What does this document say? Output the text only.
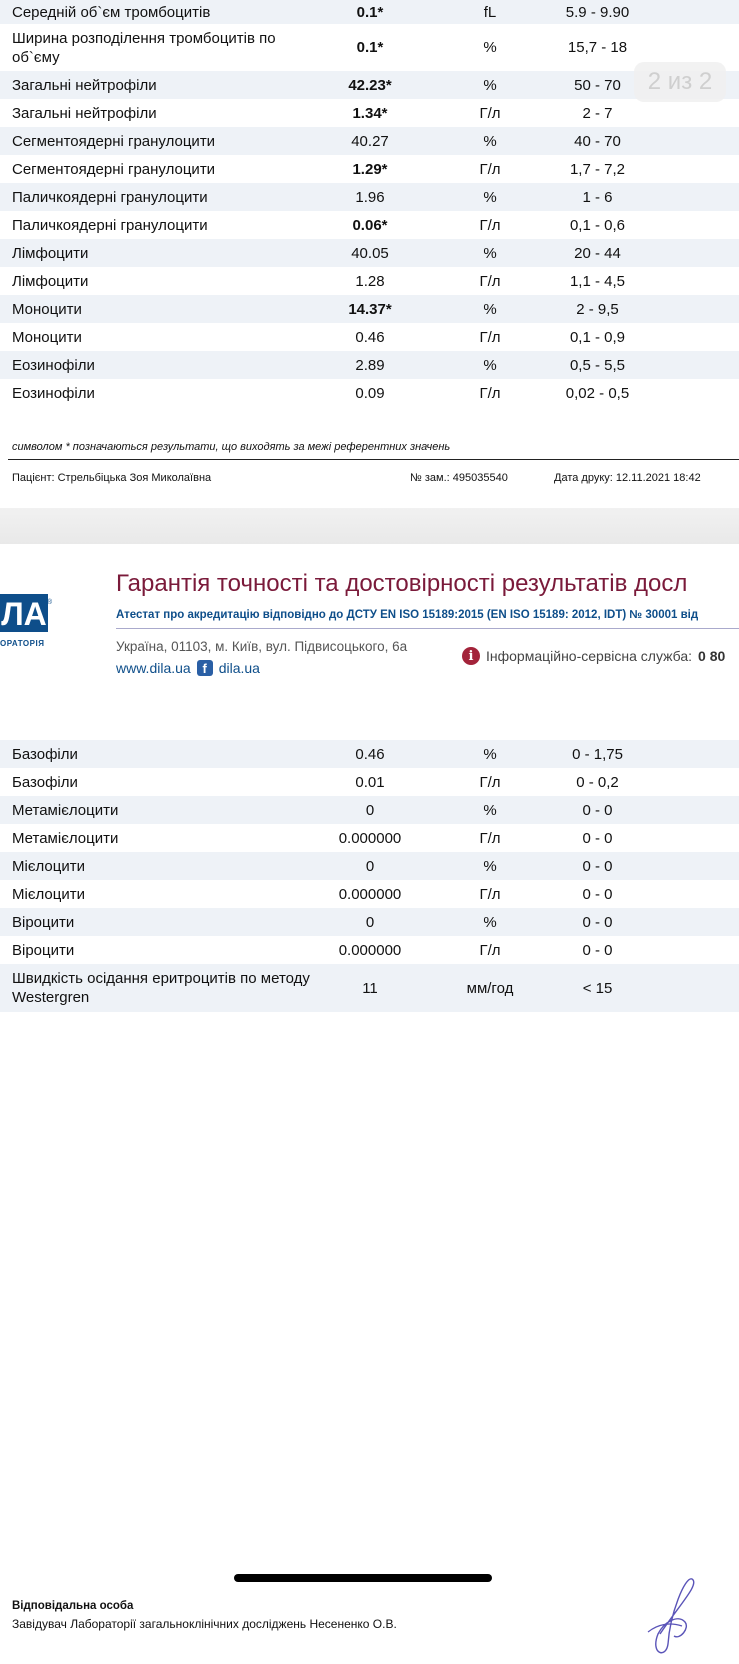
Середній об`єм тромбоцитів	0.1*	fL	5.9 - 9.90
Ширина розподілення тромбоцитів по об`єму
0.1*	%	15,7 - 18
Загальні нейтрофіли	42.23*	%	50 - 70
Загальні нейтрофіли	1.34*	Г/л	2 - 7
Сегментоядерні гранулоцити	40.27	%	40 - 70
Сегментоядерні гранулоцити	1.29*	Г/л	1,7 - 7,2
Паличкоядерні гранулоцити	1.96	%	1 - 6
Паличкоядерні гранулоцити	0.06*	Г/л	0,1 - 0,6
Лімфоцити	40.05	%	20 - 44
Лімфоцити	1.28	Г/л	1,1 - 4,5
Моноцити	14.37*	%	2 - 9,5
Моноцити	0.46	Г/л	0,1 - 0,9
Еозинофіли	2.89	%	0,5 - 5,5
Еозинофіли	0.09	Г/л	0,02 - 0,5
символом * позначаються результати, що виходять за межі референтних значень
Пацієнт: Стрельбіцька Зоя Миколаївна	№ зам.: 495035540	Дата друку: 12.11.2021 18:42
2 из 2
ЛА ®
ОРАТОРІЯ
Гарантія точності та достовірності результатів досл
Атестат про акредитацію відповідно до ДСТУ EN ISO 15189:2015 (EN ISO 15189: 2012, IDT) № 30001 від
Україна, 01103, м. Київ, вул. Підвисоцького, 6а
www.dila.ua f dila.ua
i Інформаційно-сервісна служба: 0 80
Базофіли	0.46	%	0 - 1,75
Базофіли	0.01	Г/л	0 - 0,2
Метамієлоцити	0	%	0 - 0
Метамієлоцити	0.000000	Г/л	0 - 0
Мієлоцити	0	%	0 - 0
Мієлоцити	0.000000	Г/л	0 - 0
Віроцити	0	%	0 - 0
Віроцити	0.000000	Г/л	0 - 0
Швидкість осідання еритроцитів по методу Westergren
11	мм/год	< 15
Відповідальна особа
Завідувач Лабораторії загальноклінічних досліджень Несененко О.В.
